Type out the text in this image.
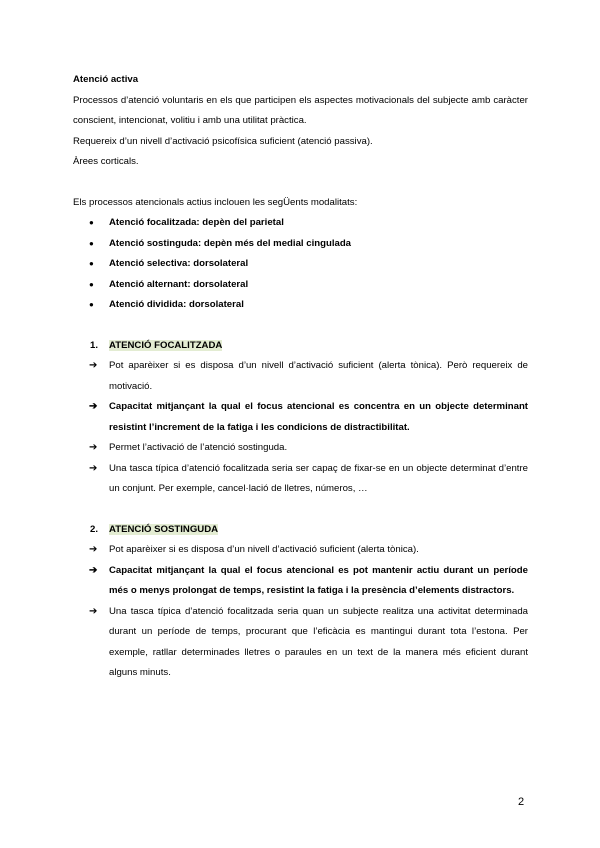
Atenció activa

Processos d’atenció voluntaris en els que participen els aspectes motivacionals del subjecte amb caràcter conscient, intencionat, volitiu i amb una utilitat pràctica.

Requereix d’un nivell d’activació psicofísica suficient (atenció passiva).

Àrees corticals.

Els processos atencionals actius inclouen les segÜents modalitats:

● Atenció focalitzada: depèn del parietal
● Atenció sostinguda: depèn més del medial cingulada
● Atenció selectiva: dorsolateral
● Atenció alternant: dorsolateral
● Atenció dividida: dorsolateral

1. ATENCIÓ FOCALITZADA

➔ Pot aparèixer si es disposa d’un nivell d’activació suficient (alerta tònica). Però requereix de motivació.
➔ Capacitat mitjançant la qual el focus atencional es concentra en un objecte determinant resistint l’increment de la fatiga i les condicions de distractibilitat.
➔ Permet l’activació de l’atenció sostinguda.
➔ Una tasca típica d’atenció focalitzada seria ser capaç de fixar-se en un objecte determinat d’entre un conjunt. Per exemple, cancel·lació de lletres, números, …

2. ATENCIÓ SOSTINGUDA

➔ Pot aparèixer si es disposa d’un nivell d’activació suficient (alerta tònica).
➔ Capacitat mitjançant la qual el focus atencional es pot mantenir actiu durant un període més o menys prolongat de temps, resistint la fatiga i la presència d’elements distractors.
➔ Una tasca típica d’atenció focalitzada seria quan un subjecte realitza una activitat determinada durant un període de temps, procurant que l’eficàcia es mantingui durant tota l’estona. Per exemple, ratllar determinades lletres o paraules en un text de la manera més eficient durant alguns minuts.
2
